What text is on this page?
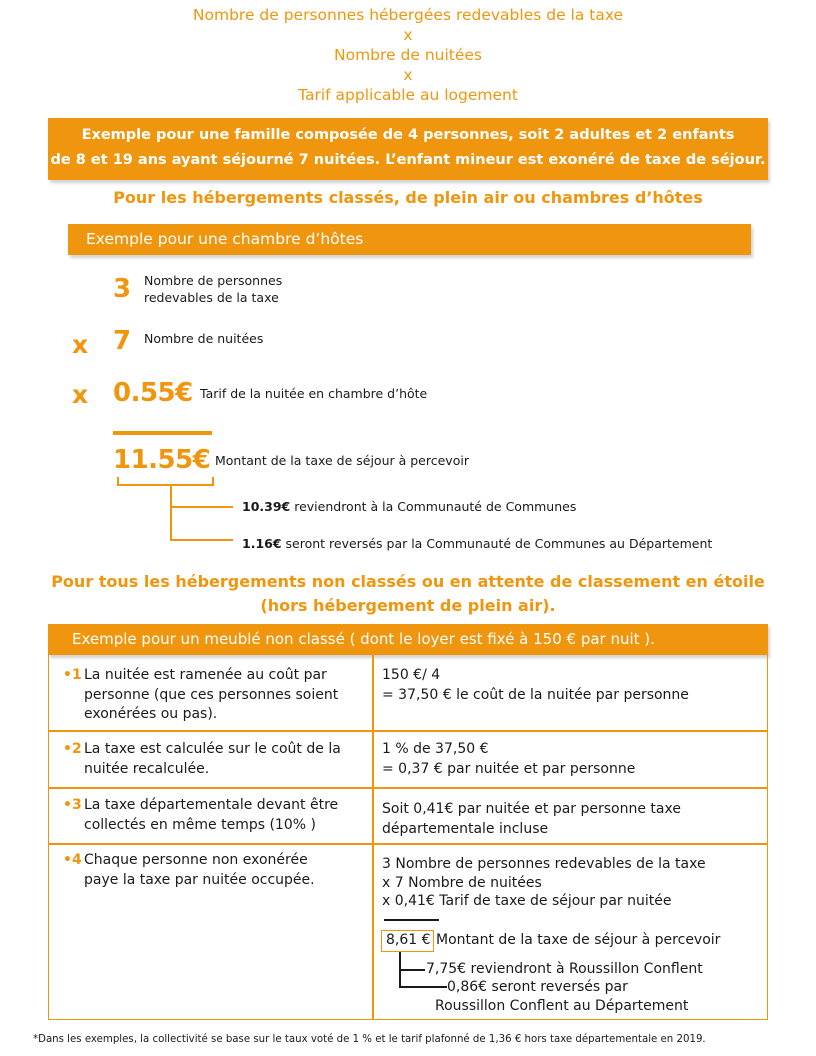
Nombre de personnes hébergées redevables de la taxe
x
Nombre de nuitées
x
Tarif applicable au logement
Exemple pour une famille composée de 4 personnes, soit 2 adultes et 2 enfants
de 8 et 19 ans ayant séjourné 7 nuitées. L’enfant mineur est exonéré de taxe de séjour.
Pour les hébergements classés, de plein air ou chambres d’hôtes
Exemple pour une chambre d’hôtes
3 Nombre de personnes
redevables de la taxe
x 7 Nombre de nuitées
x 0.55€ Tarif de la nuitée en chambre d’hôte
11.55€ Montant de la taxe de séjour à percevoir
10.39€ reviendront à la Communauté de Communes
1.16€ seront reversés par la Communauté de Communes au Département
Pour tous les hébergements non classés ou en attente de classement en étoile
(hors hébergement de plein air).
Exemple pour un meublé non classé ( dont le loyer est fixé à 150 € par nuit ).
•1 La nuitée est ramenée au coût par
personne (que ces personnes soient
exonérées ou pas).
150 €/ 4
= 37,50 € le coût de la nuitée par personne
•2 La taxe est calculée sur le coût de la
nuitée recalculée.
1 % de 37,50 €
= 0,37 € par nuitée et par personne
•3 La taxe départementale devant être
collectés en même temps (10% )
Soit 0,41€ par nuitée et par personne taxe
départementale incluse
•4 Chaque personne non exonérée
paye la taxe par nuitée occupée.
3 Nombre de personnes redevables de la taxe
x 7 Nombre de nuitées
x 0,41€ Tarif de taxe de séjour par nuitée
8,61 € Montant de la taxe de séjour à percevoir
7,75€ reviendront à Roussillon Conflent
0,86€ seront reversés par
Roussillon Conflent au Département
*Dans les exemples, la collectivité se base sur le taux voté de 1 % et le tarif plafonné de 1,36 € hors taxe départementale en 2019.
